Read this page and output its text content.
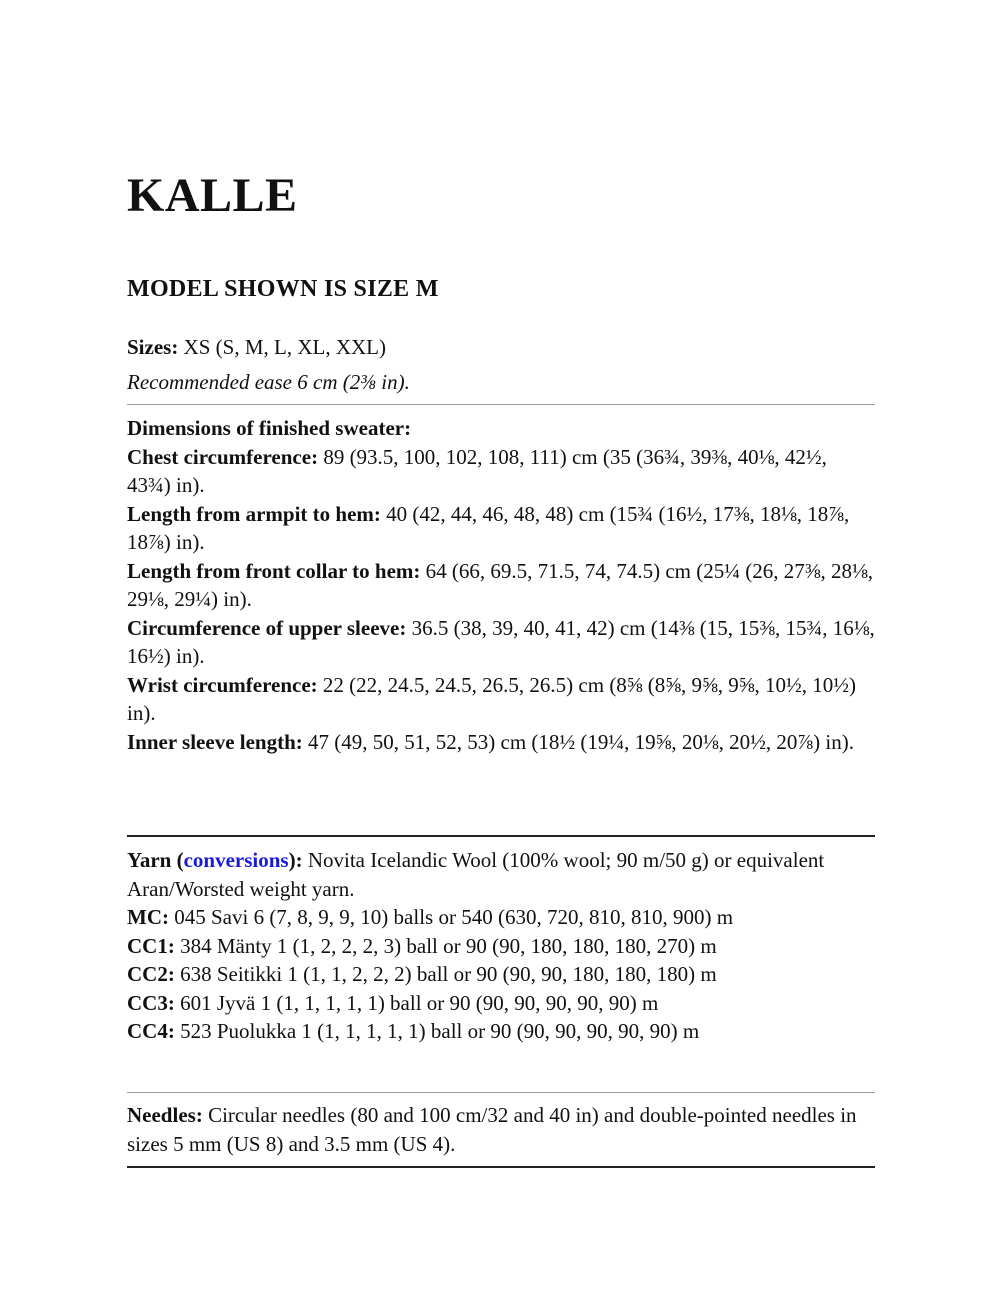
KALLE
MODEL SHOWN IS SIZE M

Sizes: XS (S, M, L, XL, XXL)

Recommended ease 6 cm (2⅜ in).

Dimensions of finished sweater:

Chest circumference: 89 (93.5, 100, 102, 108, 111) cm (35 (36¾, 39⅜, 40⅛, 42½, 43¾) in).

Length from armpit to hem: 40 (42, 44, 46, 48, 48) cm (15¾ (16½, 17⅜, 18⅛, 18⅞, 18⅞) in).

Length from front collar to hem: 64 (66, 69.5, 71.5, 74, 74.5) cm (25¼ (26, 27⅜, 28⅛, 29⅛, 29¼) in).

Circumference of upper sleeve: 36.5 (38, 39, 40, 41, 42) cm (14⅜ (15, 15⅜, 15¾, 16⅛, 16½) in).

Wrist circumference: 22 (22, 24.5, 24.5, 26.5, 26.5) cm (8⅝ (8⅝, 9⅝, 9⅝, 10½, 10½) in).

Inner sleeve length: 47 (49, 50, 51, 52, 53) cm (18½ (19¼, 19⅝, 20⅛, 20½, 20⅞) in).

Yarn (conversions): Novita Icelandic Wool (100% wool; 90 m/50 g) or equivalent Aran/Worsted weight yarn.

MC: 045 Savi 6 (7, 8, 9, 9, 10) balls or 540 (630, 720, 810, 810, 900) m

CC1: 384 Mänty 1 (1, 2, 2, 2, 3) ball or 90 (90, 180, 180, 180, 270) m

CC2: 638 Seitikki 1 (1, 1, 2, 2, 2) ball or 90 (90, 90, 180, 180, 180) m

CC3: 601 Jyvä 1 (1, 1, 1, 1, 1) ball or 90 (90, 90, 90, 90, 90) m

CC4: 523 Puolukka 1 (1, 1, 1, 1, 1) ball or 90 (90, 90, 90, 90, 90) m

Needles: Circular needles (80 and 100 cm/32 and 40 in) and double-pointed needles in sizes 5 mm (US 8) and 3.5 mm (US 4).
